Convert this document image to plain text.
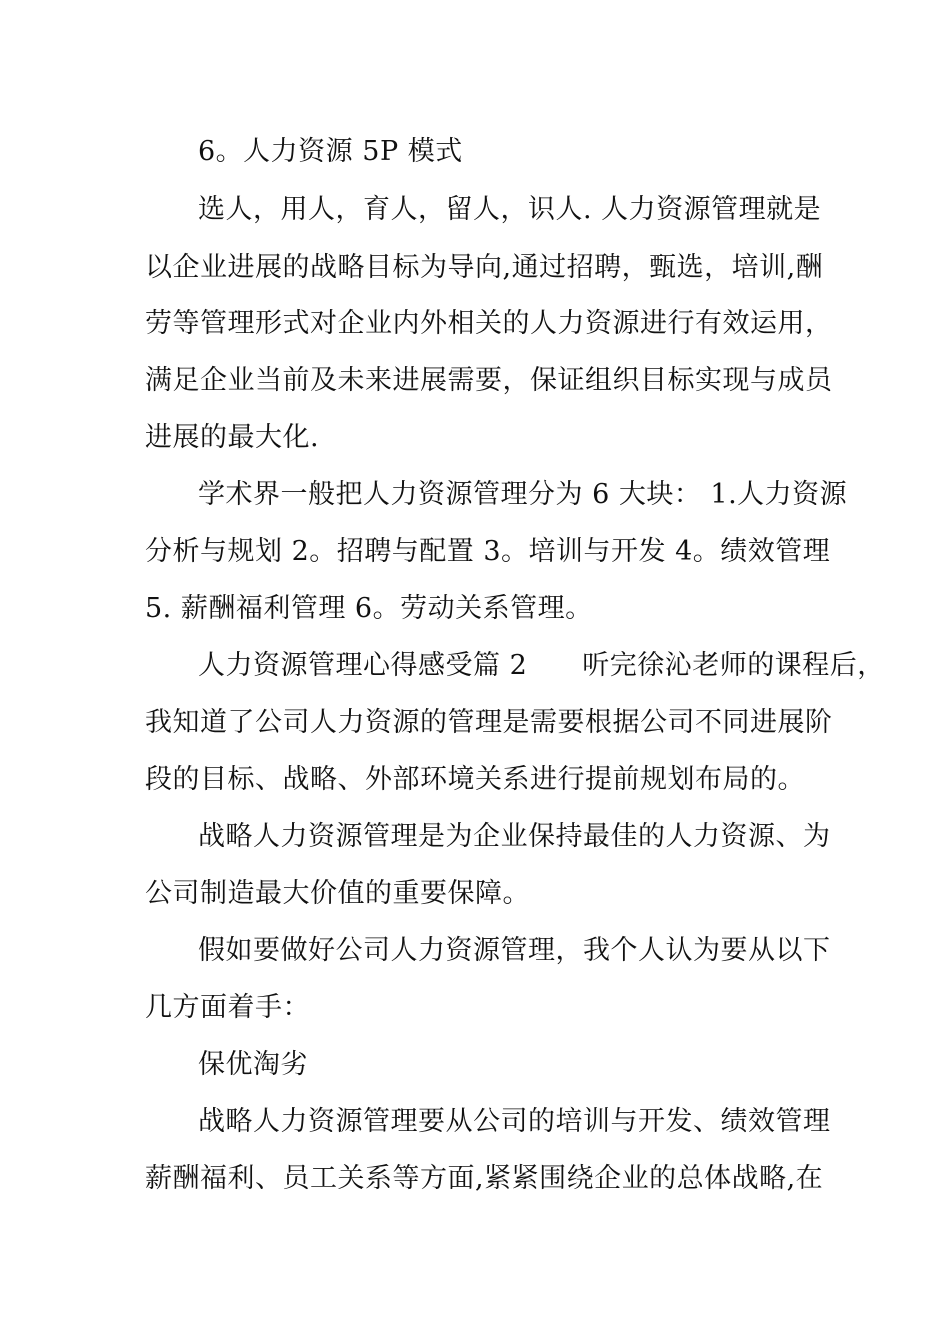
6。人力资源 5P 模式

选人，用人，育人，留人，识人. 人力资源管理就是

以企业进展的战略目标为导向,通过招聘，甄选，培训,酬

劳等管理形式对企业内外相关的人力资源进行有效运用，

满足企业当前及未来进展需要，保证组织目标实现与成员

进展的最大化.

学术界一般把人力资源管理分为 6 大块： 1.人力资源

分析与规划 2。招聘与配置 3。培训与开发 4。绩效管理

5. 薪酬福利管理 6。劳动关系管理。

人力资源管理心得感受篇 2　　听完徐沁老师的课程后，

我知道了公司人力资源的管理是需要根据公司不同进展阶

段的目标、战略、外部环境关系进行提前规划布局的。

战略人力资源管理是为企业保持最佳的人力资源、为

公司制造最大价值的重要保障。

假如要做好公司人力资源管理，我个人认为要从以下

几方面着手：

保优淘劣

战略人力资源管理要从公司的培训与开发、绩效管理

薪酬福利、员工关系等方面,紧紧围绕企业的总体战略,在
